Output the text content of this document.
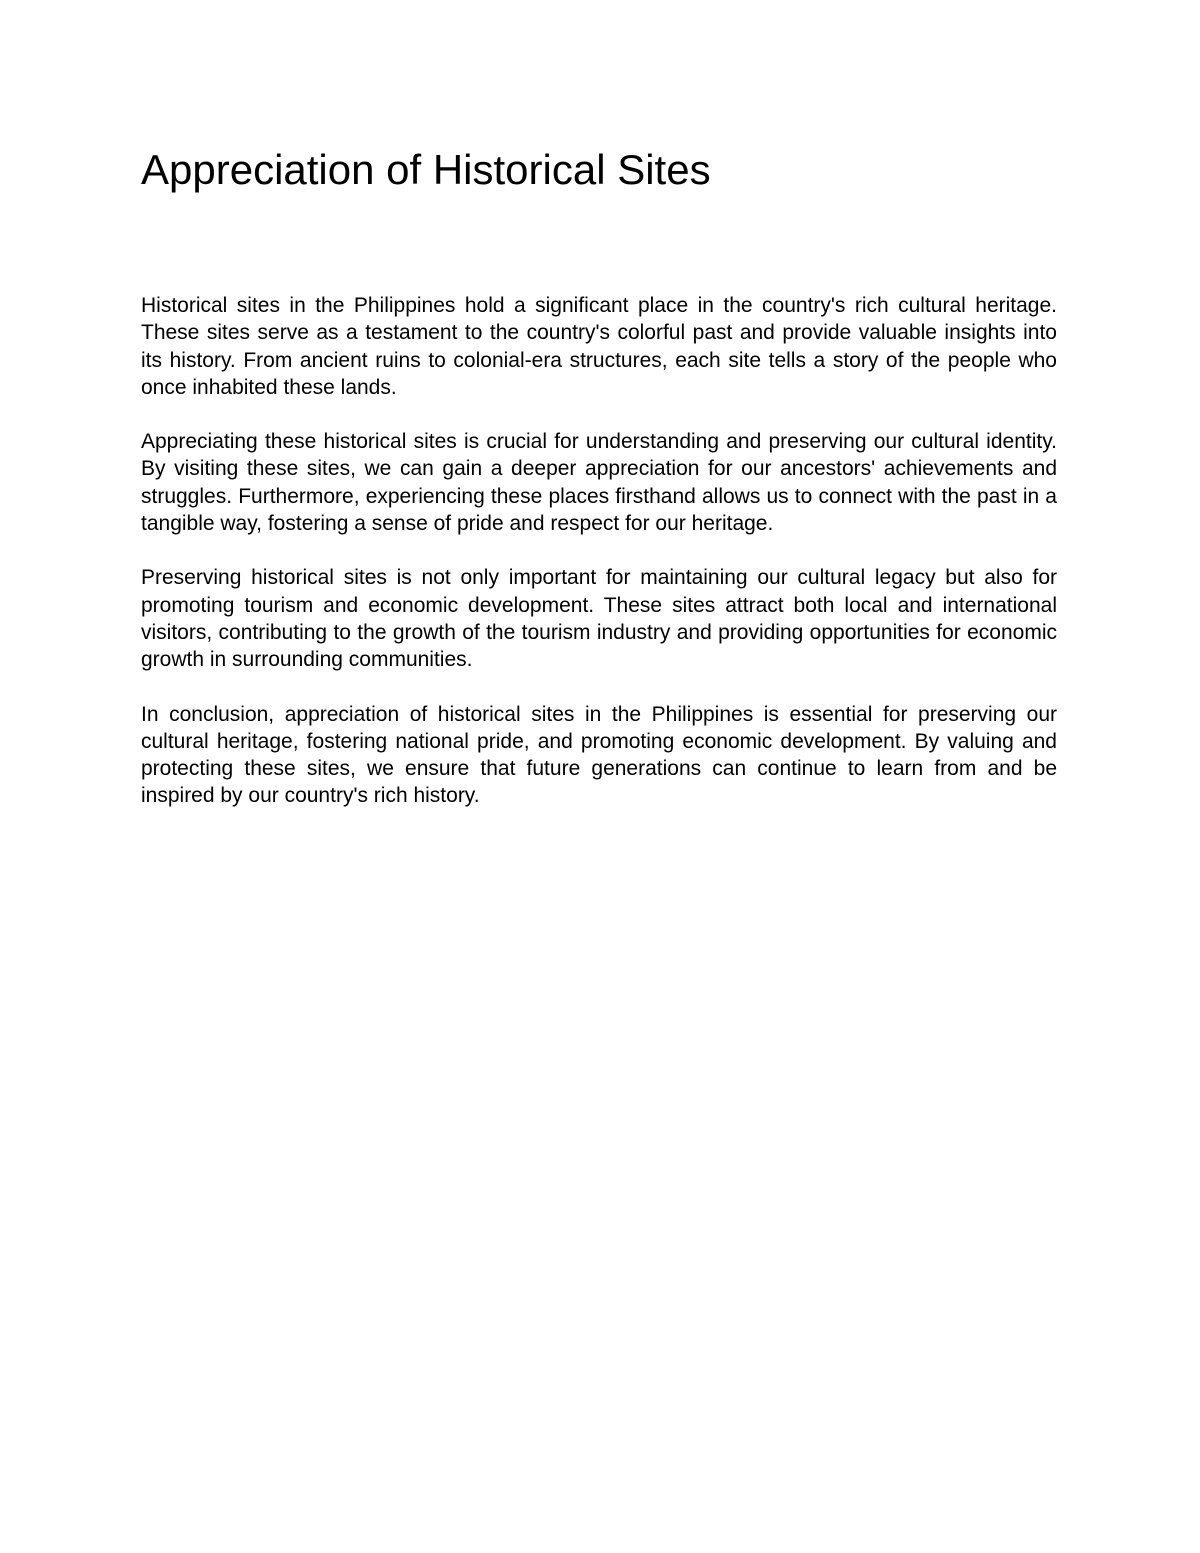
Appreciation of Historical Sites

Historical sites in the Philippines hold a significant place in the country's rich cultural heritage. These sites serve as a testament to the country's colorful past and provide valuable insights into its history. From ancient ruins to colonial-era structures, each site tells a story of the people who once inhabited these lands.

Appreciating these historical sites is crucial for understanding and preserving our cultural identity. By visiting these sites, we can gain a deeper appreciation for our ancestors' achievements and struggles. Furthermore, experiencing these places firsthand allows us to connect with the past in a tangible way, fostering a sense of pride and respect for our heritage.

Preserving historical sites is not only important for maintaining our cultural legacy but also for promoting tourism and economic development. These sites attract both local and international visitors, contributing to the growth of the tourism industry and providing opportunities for economic growth in surrounding communities.

In conclusion, appreciation of historical sites in the Philippines is essential for preserving our cultural heritage, fostering national pride, and promoting economic development. By valuing and protecting these sites, we ensure that future generations can continue to learn from and be inspired by our country's rich history.
